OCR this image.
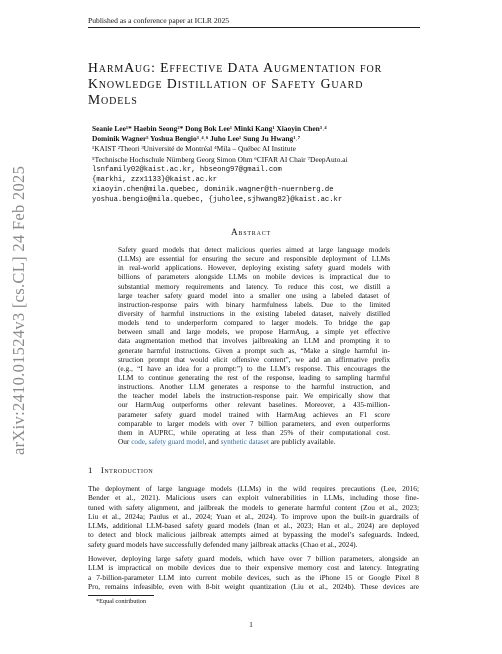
Published as a conference paper at ICLR 2025
arXiv:2410.01524v3 [cs.CL] 24 Feb 2025
HarmAug: Effective Data Augmentation for
Knowledge Distillation of Safety Guard
Models
Seanie Lee¹* Haebin Seong²* Dong Bok Lee¹ Minki Kang¹ Xiaoyin Chen³˒⁴
Dominik Wagner⁵ Yoshua Bengio³˒⁴˒⁶ Juho Lee¹ Sung Ju Hwang¹˒⁷
¹KAIST ²Theori ³Université de Montréal ⁴Mila – Québec AI Institute
⁵Technische Hochschule Nürnberg Georg Simon Ohm ⁶CIFAR AI Chair ⁷DeepAuto.ai
lsnfamily02@kaist.ac.kr, hbseong97@gmail.com
{markhi, zzx1133}@kaist.ac.kr
xiaoyin.chen@mila.quebec, dominik.wagner@th-nuernberg.de
yoshua.bengio@mila.quebec, {juholee,sjhwang82}@kaist.ac.kr
Abstract
Safety guard models that detect malicious queries aimed at large language models
(LLMs) are essential for ensuring the secure and responsible deployment of LLMs
in real-world applications. However, deploying existing safety guard models with
billions of parameters alongside LLMs on mobile devices is impractical due to
substantial memory requirements and latency. To reduce this cost, we distill a
large teacher safety guard model into a smaller one using a labeled dataset of
instruction-response pairs with binary harmfulness labels. Due to the limited
diversity of harmful instructions in the existing labeled dataset, naively distilled
models tend to underperform compared to larger models. To bridge the gap
between small and large models, we propose HarmAug, a simple yet effective
data augmentation method that involves jailbreaking an LLM and prompting it to
generate harmful instructions. Given a prompt such as, “Make a single harmful in-
struction prompt that would elicit offensive content”, we add an affirmative prefix
(e.g., “I have an idea for a prompt:”) to the LLM’s response. This encourages the
LLM to continue generating the rest of the response, leading to sampling harmful
instructions. Another LLM generates a response to the harmful instruction, and
the teacher model labels the instruction-response pair. We empirically show that
our HarmAug outperforms other relevant baselines. Moreover, a 435-million-
parameter safety guard model trained with HarmAug achieves an F1 score
comparable to larger models with over 7 billion parameters, and even outperforms
them in AUPRC, while operating at less than 25% of their computational cost.
Our code, safety guard model, and synthetic dataset are publicly available.
1 Introduction
The deployment of large language models (LLMs) in the wild requires precautions (Lee, 2016;
Bender et al., 2021). Malicious users can exploit vulnerabilities in LLMs, including those fine-
tuned with safety alignment, and jailbreak the models to generate harmful content (Zou et al., 2023;
Liu et al., 2024a; Paulus et al., 2024; Yuan et al., 2024). To improve upon the built-in guardrails of
LLMs, additional LLM-based safety guard models (Inan et al., 2023; Han et al., 2024) are deployed
to detect and block malicious jailbreak attempts aimed at bypassing the model’s safeguards. Indeed,
safety guard models have successfully defended many jailbreak attacks (Chao et al., 2024).
However, deploying large safety guard models, which have over 7 billion parameters, alongside an
LLM is impractical on mobile devices due to their expensive memory cost and latency. Integrating
a 7-billion-parameter LLM into current mobile devices, such as the iPhone 15 or Google Pixel 8
Pro, remains infeasible, even with 8-bit weight quantization (Liu et al., 2024b). These devices are
*Equal contribution
1
